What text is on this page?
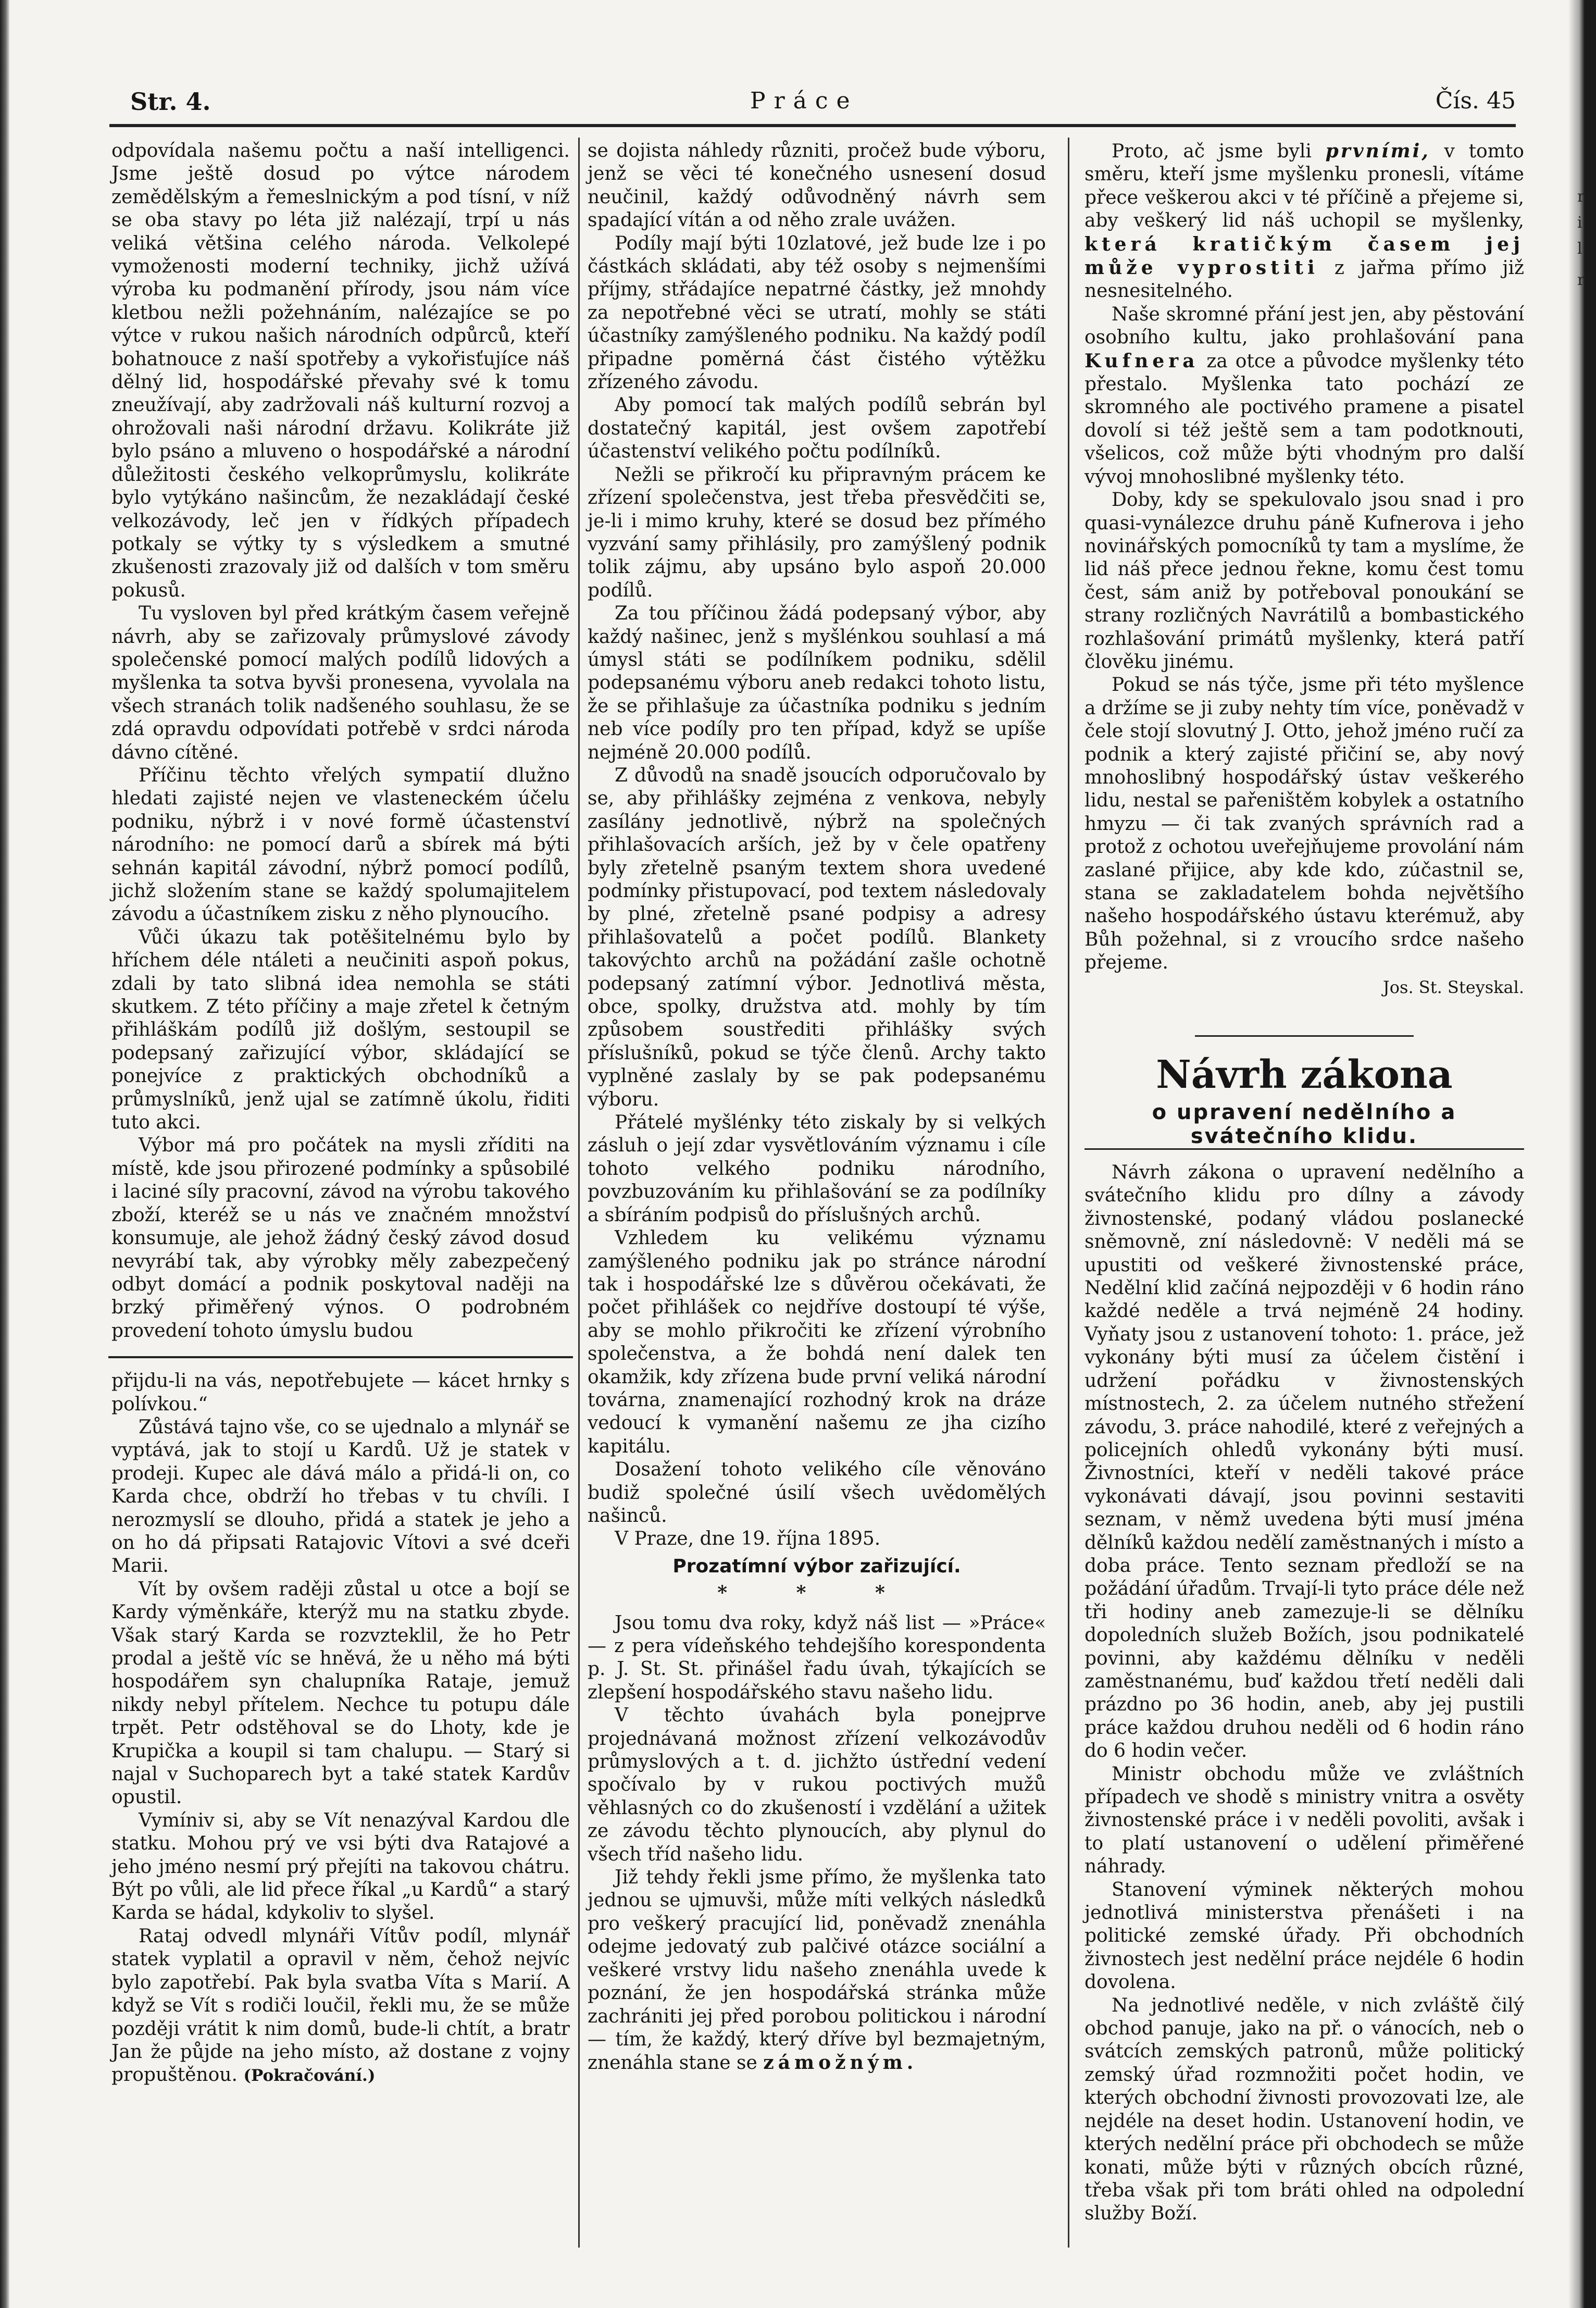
r
i
l
r
Str. 4.	Práce	Čís. 45

odpovídala našemu počtu a naší intelligenci. Jsme ještě dosud po výtce národem zemědělským a řemeslnickým a pod tísní, v níž se oba stavy po léta již nalézají, trpí u nás veliká většina celého národa. Velkolepé vymoženosti moderní techniky, jichž užívá výroba ku podmanění přírody, jsou nám více kletbou nežli požehnáním, nalézajíce se po výtce v rukou našich národních odpůrců, kteří bohatnouce z naší spotřeby a vykořisťujíce náš dělný lid, hospodářské převahy své k tomu zneužívají, aby zadržovali náš kulturní rozvoj a ohrožovali naši národní državu. Kolikráte již bylo psáno a mluveno o hospodářské a národní důležitosti českého velkoprůmyslu, kolikráte bylo vytýkáno našincům, že nezakládají české velkozávody, leč jen v řídkých případech potkaly se výtky ty s výsledkem a smutné zkušenosti zrazovaly již od dalších v tom směru pokusů.

Tu vysloven byl před krátkým časem veřejně návrh, aby se zařizovaly průmyslové závody společenské pomocí malých podílů lidových a myšlenka ta sotva byvši pronesena, vyvolala na všech stranách tolik nadšeného souhlasu, že se zdá opravdu odpovídati potřebě v srdci národa dávno cítěné.

Příčinu těchto vřelých sympatií dlužno hledati zajisté nejen ve vlasteneckém účelu podniku, nýbrž i v nové formě účastenství národního: ne pomocí darů a sbírek má býti sehnán kapitál závodní, nýbrž pomocí podílů, jichž složením stane se každý spolumajitelem závodu a účastníkem zisku z něho plynoucího.

Vůči úkazu tak potěšitelnému bylo by hříchem déle ntáleti a neučiniti aspoň pokus, zdali by tato slibná idea nemohla se státi skutkem. Z této příčiny a maje zřetel k četným přihláškám podílů již došlým, sestoupil se podepsaný zařizující výbor, skládající se ponejvíce z praktických obchodníků a průmyslníků, jenž ujal se zatímně úkolu, řiditi tuto akci.

Výbor má pro počátek na mysli zříditi na místě, kde jsou přirozené podmínky a spůsobilé i laciné síly pracovní, závod na výrobu takového zboží, kteréž se u nás ve značném množství konsumuje, ale jehož žádný český závod dosud nevyrábí tak, aby výrobky měly zabezpečený odbyt domácí a podnik poskytoval naději na brzký přiměřený výnos. O podrobném provedení tohoto úmyslu budou

přijdu-li na vás, nepotřebujete — kácet hrnky s polívkou.“

Zůstává tajno vše, co se ujednalo a mlynář se vyptává, jak to stojí u Kardů. Už je statek v prodeji. Kupec ale dává málo a přidá-li on, co Karda chce, obdrží ho třebas v tu chvíli. I nerozmyslí se dlouho, přidá a statek je jeho a on ho dá připsati Ratajovic Vítovi a své dceři Marii.

Vít by ovšem raději zůstal u otce a bojí se Kardy výměnkáře, kterýž mu na statku zbyde. Však starý Karda se rozvzteklil, že ho Petr prodal a ještě víc se hněvá, že u něho má býti hospodářem syn chalupníka Rataje, jemuž nikdy nebyl přítelem. Nechce tu potupu dále trpět. Petr odstěhoval se do Lhoty, kde je Krupička a koupil si tam chalupu. — Starý si najal v Suchoparech byt a také statek Kardův opustil.

Vymíniv si, aby se Vít nenazýval Kardou dle statku. Mohou prý ve vsi býti dva Ratajové a jeho jméno nesmí prý přejíti na takovou chátru. Být po vůli, ale lid přece říkal „u Kardů“ a starý Karda se hádal, kdykoliv to slyšel.

Rataj odvedl mlynáři Vítův podíl, mlynář statek vyplatil a opravil v něm, čehož nejvíc bylo zapotřebí. Pak byla svatba Víta s Marií. A když se Vít s rodiči loučil, řekli mu, že se může později vrátit k nim domů, bude-li chtít, a bratr Jan že půjde na jeho místo, až dostane z vojny propuštěnou. (Pokračování.)

se dojista náhledy různiti, pročež bude výboru, jenž se věci té konečného usnesení dosud neučinil, každý odůvodněný návrh sem spadající vítán a od něho zrale uvážen.

Podíly mají býti 10zlatové, jež bude lze i po částkách skládati, aby též osoby s nejmenšími příjmy, střádajíce nepatrné částky, jež mnohdy za nepotřebné věci se utratí, mohly se státi účastníky zamýšleného podniku. Na každý podíl připadne poměrná část čistého výtěžku zřízeného závodu.

Aby pomocí tak malých podílů sebrán byl dostatečný kapitál, jest ovšem zapotřebí účastenství velikého počtu podílníků.

Nežli se přikročí ku připravným prácem ke zřízení společenstva, jest třeba přesvědčiti se, je-li i mimo kruhy, které se dosud bez přímého vyzvání samy přihlásily, pro zamýšlený podnik tolik zájmu, aby upsáno bylo aspoň 20.000 podílů.

Za tou příčinou žádá podepsaný výbor, aby každý našinec, jenž s myšlénkou souhlasí a má úmysl státi se podílníkem podniku, sdělil podepsanému výboru aneb redakci tohoto listu, že se přihlašuje za účastníka podniku s jedním neb více podíly pro ten případ, když se upíše nejméně 20.000 podílů.

Z důvodů na snadě jsoucích odporučovalo by se, aby přihlášky zejména z venkova, nebyly zasílány jednotlivě, nýbrž na společných přihlašovacích arších, jež by v čele opatřeny byly zřetelně psaným textem shora uvedené podmínky přistupovací, pod textem následovaly by plné, zřetelně psané podpisy a adresy přihlašovatelů a počet podílů. Blankety takovýchto archů na požádání zašle ochotně podepsaný zatímní výbor. Jednotlivá města, obce, spolky, družstva atd. mohly by tím způsobem soustřediti přihlášky svých příslušníků, pokud se týče členů. Archy takto vyplněné zaslaly by se pak podepsanému výboru.

Přátelé myšlénky této ziskaly by si velkých zásluh o její zdar vysvětlováním významu i cíle tohoto velkého podniku národního, povzbuzováním ku přihlašování se za podílníky a sbíráním podpisů do příslušných archů.

Vzhledem ku velikému významu zamýšleného podniku jak po stránce národní tak i hospodářské lze s důvěrou očekávati, že počet přihlášek co nejdříve dostoupí té výše, aby se mohlo přikročiti ke zřízení výrobního společenstva, a že bohdá není dalek ten okamžik, kdy zřízena bude první veliká národní továrna, znamenající rozhodný krok na dráze vedoucí k vymanění našemu ze jha cizího kapitálu.

Dosažení tohoto velikého cíle věnováno budiž společné úsilí všech uvědomělých našinců.

V Praze, dne 19. října 1895.

Prozatímní výbor zařizující.
* * *

Jsou tomu dva roky, když náš list — »Práce« — z pera vídeňského tehdejšího korespondenta p. J. St. St. přinášel řadu úvah, týkajících se zlepšení hospodářského stavu našeho lidu.

V těchto úvahách byla ponejprve projednávaná možnost zřízení velkozávodův průmyslových a t. d. jichžto ústřední vedení spočívalo by v rukou poctivých mužů věhlasných co do zkušeností i vzdělání a užitek ze závodu těchto plynoucích, aby plynul do všech tříd našeho lidu.

Již tehdy řekli jsme přímo, že myšlenka tato jednou se ujmuvši, může míti velkých následků pro veškerý pracující lid, poněvadž znenáhla odejme jedovatý zub palčivé otázce sociální a veškeré vrstvy lidu našeho znenáhla uvede k poznání, že jen hospodářská stránka může zachrániti jej před porobou politickou i národní — tím, že každý, který dříve byl bezmajetným, znenáhla stane se zámožným.

Proto, ač jsme byli prvními, v tomto směru, kteří jsme myšlenku pronesli, vítáme přece veškerou akci v té příčině a přejeme si, aby veškerý lid náš uchopil se myšlenky, která kratičkým časem jej může vyprostiti z jařma přímo již nesnesitelného.

Naše skromné přání jest jen, aby pěstování osobního kultu, jako prohlašování pana Kufnera za otce a původce myšlenky této přestalo. Myšlenka tato pochází ze skromného ale poctivého pramene a pisatel dovolí si též ještě sem a tam podotknouti, všelicos, což může býti vhodným pro další vývoj mnohoslibné myšlenky této.

Doby, kdy se spekulovalo jsou snad i pro quasi-vynálezce druhu páně Kufnerova i jeho novinářských pomocníků ty tam a myslíme, že lid náš přece jednou řekne, komu čest tomu čest, sám aniž by potřeboval ponoukání se strany rozličných Navrátilů a bombastického rozhlašování primátů myšlenky, která patří člověku jinému.

Pokud se nás týče, jsme při této myšlence a držíme se ji zuby nehty tím více, poněvadž v čele stojí slovutný J. Otto, jehož jméno ručí za podnik a který zajisté přičiní se, aby nový mnohoslibný hospodářský ústav veškerého lidu, nestal se pařeništěm kobylek a ostatního hmyzu — či tak zvaných správních rad a protož z ochotou uveřejňujeme provolání nám zaslané přijice, aby kde kdo, zúčastnil se, stana se zakladatelem bohda největšího našeho hospodářského ústavu kterémuž, aby Bůh požehnal, si z vroucího srdce našeho přejeme.

Jos. St. Steyskal.
Návrh zákona
o upravení nedělního a svátečního klidu.

Návrh zákona o upravení nedělního a svátečního klidu pro dílny a závody živnostenské, podaný vládou poslanecké sněmovně, zní následovně: V neděli má se upustiti od veškeré živnostenské práce, Nedělní klid začíná nejpozději v 6 hodin ráno každé neděle a trvá nejméně 24 hodiny. Vyňaty jsou z ustanovení tohoto: 1. práce, jež vykonány býti musí za účelem čistění i udržení pořádku v živnostenských místnostech, 2. za účelem nutného střežení závodu, 3. práce nahodilé, které z veřejných a policejních ohledů vykonány býti musí. Živnostníci, kteří v neděli takové práce vykonávati dávají, jsou povinni sestaviti seznam, v němž uvedena býti musí jména dělníků každou nedělí zaměstnaných i místo a doba práce. Tento seznam předloží se na požádání úřadům. Trvají-li tyto práce déle než tři hodiny aneb zamezuje-li se dělníku dopoledních služeb Božích, jsou podnikatelé povinni, aby každému dělníku v neděli zaměstnanému, buď každou třetí neděli dali prázdno po 36 hodin, aneb, aby jej pustili práce každou druhou neděli od 6 hodin ráno do 6 hodin večer.

Ministr obchodu může ve zvláštních případech ve shodě s ministry vnitra a osvěty živnostenské práce i v neděli povoliti, avšak i to platí ustanovení o udělení přiměřené náhrady.

Stanovení výminek některých mohou jednotlivá ministerstva přenášeti i na politické zemské úřady. Při obchodních živnostech jest nedělní práce nejdéle 6 hodin dovolena.

Na jednotlivé neděle, v nich zvláště čilý obchod panuje, jako na př. o vánocích, neb o svátcích zemských patronů, může politický zemský úřad rozmnožiti počet hodin, ve kterých obchodní živnosti provozovati lze, ale nejdéle na deset hodin. Ustanovení hodin, ve kterých nedělní práce při obchodech se může konati, může býti v různých obcích různé, třeba však při tom bráti ohled na odpolední služby Boží.
